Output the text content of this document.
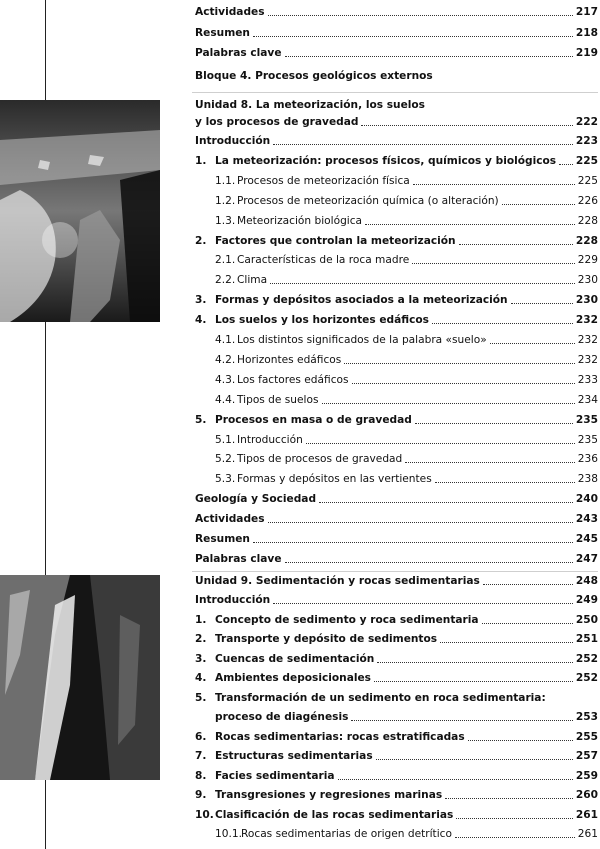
Actividades	217
Resumen	218
Palabras clave	219
Bloque 4. Procesos geológicos externos
Unidad 8. La meteorización, los suelos
y los procesos de gravedad	222
Introducción	223
1. La meteorización: procesos físicos, químicos y biológicos 225
1.1. Procesos de meteorización física	225
1.2. Procesos de meteorización química (o alteración)	226
1.3. Meteorización biológica	228
2. Factores que controlan la meteorización	228
2.1. Características de la roca madre	229
2.2. Clima	230
3. Formas y depósitos asociados a la meteorización	230
4. Los suelos y los horizontes edáficos	232
4.1. Los distintos significados de la palabra «suelo»	232
4.2. Horizontes edáficos	232
4.3. Los factores edáficos	233
4.4. Tipos de suelos	234
5. Procesos en masa o de gravedad	235
5.1. Introducción	235
5.2. Tipos de procesos de gravedad	236
5.3. Formas y depósitos en las vertientes	238
Geología y Sociedad	240
Actividades	243
Resumen	245
Palabras clave	247
Unidad 9. Sedimentación y rocas sedimentarias	248
Introducción	249
1. Concepto de sedimento y roca sedimentaria	250
2. Transporte y depósito de sedimentos	251
3. Cuencas de sedimentación	252
4. Ambientes deposicionales	252
5. Transformación de un sedimento en roca sedimentaria:
proceso de diagénesis	253
6. Rocas sedimentarias: rocas estratificadas	255
7. Estructuras sedimentarias	257
8. Facies sedimentaria	259
9. Transgresiones y regresiones marinas	260
10. Clasificación de las rocas sedimentarias	261
10.1. Rocas sedimentarias de origen detrítico	261
